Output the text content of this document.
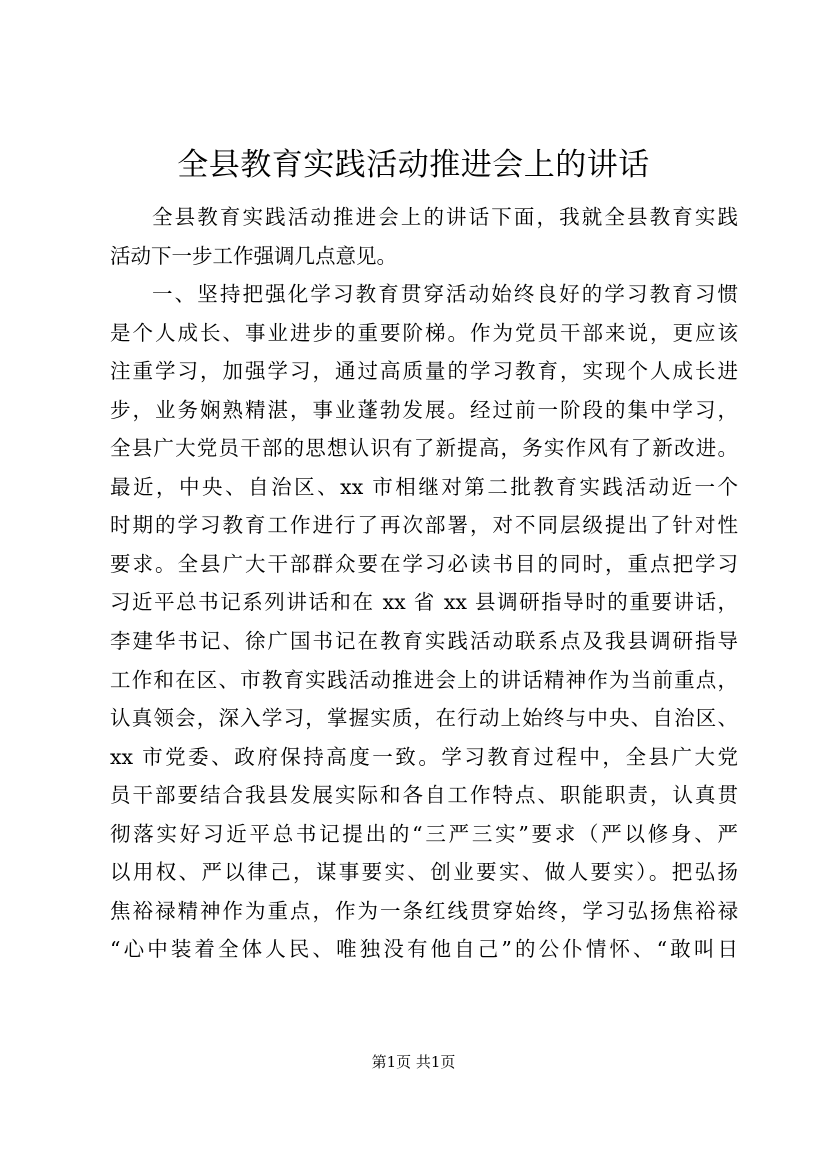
全县教育实践活动推进会上的讲话
全县教育实践活动推进会上的讲话下面，我就全县教育实践
活动下一步工作强调几点意见。
一、坚持把强化学习教育贯穿活动始终良好的学习教育习惯
是个人成长、事业进步的重要阶梯。作为党员干部来说，更应该
注重学习，加强学习，通过高质量的学习教育，实现个人成长进
步，业务娴熟精湛，事业蓬勃发展。经过前一阶段的集中学习，
全县广大党员干部的思想认识有了新提高，务实作风有了新改进。
最近，中央、自治区、xx 市相继对第二批教育实践活动近一个
时期的学习教育工作进行了再次部署，对不同层级提出了针对性
要求。全县广大干部群众要在学习必读书目的同时，重点把学习
习近平总书记系列讲话和在 xx 省 xx 县调研指导时的重要讲话，
李建华书记、徐广国书记在教育实践活动联系点及我县调研指导
工作和在区、市教育实践活动推进会上的讲话精神作为当前重点，
认真领会，深入学习，掌握实质，在行动上始终与中央、自治区、
xx 市党委、政府保持高度一致。学习教育过程中，全县广大党
员干部要结合我县发展实际和各自工作特点、职能职责，认真贯
彻落实好习近平总书记提出的“三严三实”要求（严以修身、严
以用权、严以律己，谋事要实、创业要实、做人要实）。把弘扬
焦裕禄精神作为重点，作为一条红线贯穿始终，学习弘扬焦裕禄
“心中装着全体人民、唯独没有他自己”的公仆情怀、“敢叫日
第1页 共1页
